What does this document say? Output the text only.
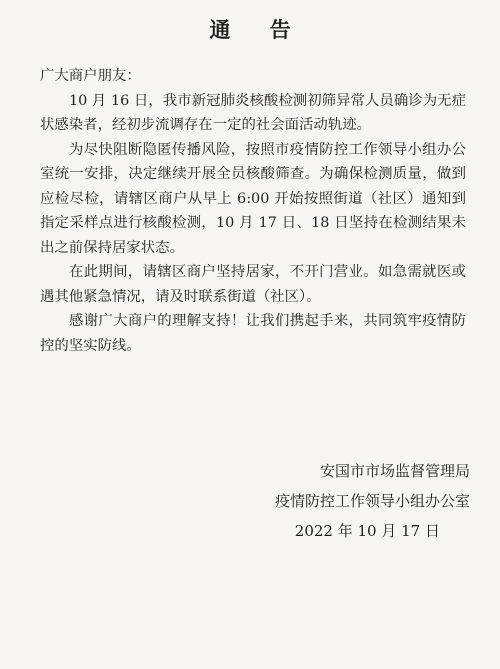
通 告

广大商户朋友：

10 月 16 日，我市新冠肺炎核酸检测初筛异常人员确诊为无症状感染者，经初步流调存在一定的社会面活动轨迹。

为尽快阻断隐匿传播风险，按照市疫情防控工作领导小组办公室统一安排，决定继续开展全员核酸筛查。为确保检测质量，做到应检尽检，请辖区商户从早上 6:00 开始按照街道（社区）通知到指定采样点进行核酸检测，10 月 17 日、18 日坚持在检测结果未出之前保持居家状态。

在此期间，请辖区商户坚持居家，不开门营业。如急需就医或遇其他紧急情况，请及时联系街道（社区）。

感谢广大商户的理解支持！让我们携起手来，共同筑牢疫情防控的坚实防线。

安国市市场监督管理局
疫情防控工作领导小组办公室
2022 年 10 月 17 日
